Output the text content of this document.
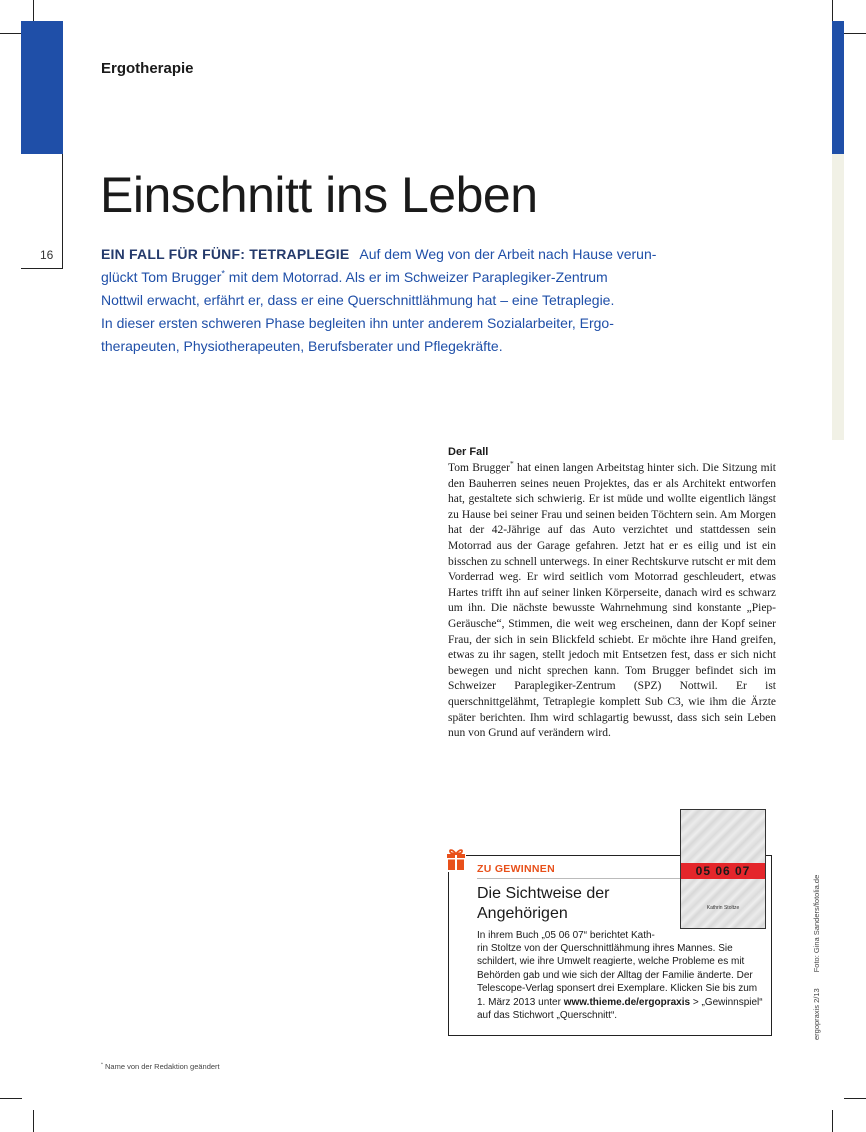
16
Ergotherapie
Einschnitt ins Leben
EIN FALL FÜR FÜNF: TETRAPLEGIE Auf dem Weg von der Arbeit nach Hause verun-
glückt Tom Brugger* mit dem Motorrad. Als er im Schweizer Paraplegiker-Zentrum
Nottwil erwacht, erfährt er, dass er eine Querschnittlähmung hat – eine Tetraplegie.
In dieser ersten schweren Phase begleiten ihn unter anderem Sozialarbeiter, Ergo-
therapeuten, Physiotherapeuten, Berufsberater und Pflegekräfte.
Der Fall
Tom Brugger* hat einen langen Arbeitstag hinter sich. Die Sitzung mit den Bauherren seines neuen Projektes, das er als Architekt entworfen hat, gestaltete sich schwierig. Er ist müde und wollte eigentlich längst zu Hause bei seiner Frau und seinen beiden Töchtern sein. Am Morgen hat der 42-Jährige auf das Auto verzichtet und stattdessen sein Motorrad aus der Garage gefahren. Jetzt hat er es eilig und ist ein bisschen zu schnell unterwegs. In einer Rechtskurve rutscht er mit dem Vorderrad weg. Er wird seitlich vom Motorrad geschleudert, etwas Hartes trifft ihn auf seiner linken Körperseite, danach wird es schwarz um ihn. Die nächste bewusste Wahrnehmung sind konstante „Piep-Geräusche“, Stimmen, die weit weg erscheinen, dann der Kopf seiner Frau, der sich in sein Blickfeld schiebt. Er möchte ihre Hand greifen, etwas zu ihr sagen, stellt jedoch mit Entsetzen fest, dass er sich nicht bewegen und nicht sprechen kann. Tom Brugger befindet sich im Schweizer Paraplegiker-Zentrum (SPZ) Nottwil. Er ist querschnittgelähmt, Tetraplegie komplett Sub C3, wie ihm die Ärzte später berichten. Ihm wird schlagartig bewusst, dass sich sein Leben nun von Grund auf verändern wird.
ZU GEWINNEN
Die Sichtweise der Angehörigen
In ihrem Buch „05 06 07“ berichtet Kath-
rin Stoltze von der Querschnittlähmung ihres Mannes. Sie schildert, wie ihre Umwelt reagierte, welche Probleme es mit Behörden gab und wie sich der Alltag der Familie änderte. Der Telescope-Verlag sponsert drei Exemplare. Klicken Sie bis zum 1. März 2013 unter www.thieme.de/ergopraxis > „Gewinnspiel“ auf das Stichwort „Querschnitt“.
05 06 07
Kathrin Stoltze
ergopraxis 2/13Foto: Gina Sanders/fotolia.de
* Name von der Redaktion geändert
